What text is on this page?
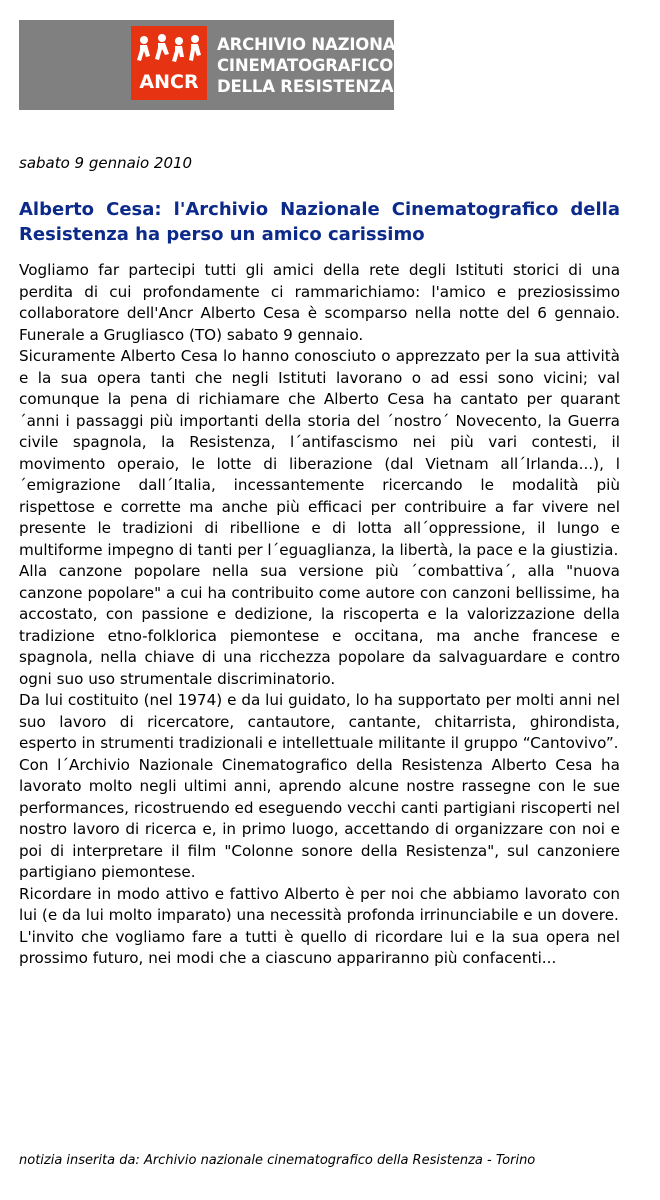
ANCR
ARCHIVIO NAZIONALE
CINEMATOGRAFICO
DELLA RESISTENZA
sabato 9 gennaio 2010
Alberto Cesa: l'Archivio Nazionale Cinematografico della Resistenza ha perso un amico carissimo

Vogliamo far partecipi tutti gli amici della rete degli Istituti storici di una perdita di cui profondamente ci rammarichiamo: l'amico e preziosissimo collaboratore dell'Ancr Alberto Cesa è scomparso nella notte del 6 gennaio. Funerale a Grugliasco (TO) sabato 9 gennaio.

Sicuramente Alberto Cesa lo hanno conosciuto o apprezzato per la sua attività e la sua opera tanti che negli Istituti lavorano o ad essi sono vicini; val comunque la pena di richiamare che Alberto Cesa ha cantato per quarant´anni i passaggi più importanti della storia del ´nostro´ Novecento, la Guerra civile spagnola, la Resistenza, l´antifascismo nei più vari contesti, il movimento operaio, le lotte di liberazione (dal Vietnam all´Irlanda...), l´emigrazione dall´Italia, incessantemente ricercando le modalità più rispettose e corrette ma anche più efficaci per contribuire a far vivere nel presente le tradizioni di ribellione e di lotta all´oppressione, il lungo e multiforme impegno di tanti per l´eguaglianza, la libertà, la pace e la giustizia.

Alla canzone popolare nella sua versione più ´combattiva´, alla "nuova canzone popolare" a cui ha contribuito come autore con canzoni bellissime, ha accostato, con passione e dedizione, la riscoperta e la valorizzazione della tradizione etno-folklorica piemontese e occitana, ma anche francese e spagnola, nella chiave di una ricchezza popolare da salvaguardare e contro ogni suo uso strumentale discriminatorio.

Da lui costituito (nel 1974) e da lui guidato, lo ha supportato per molti anni nel suo lavoro di ricercatore, cantautore, cantante, chitarrista, ghirondista, esperto in strumenti tradizionali e intellettuale militante il gruppo “Cantovivo”.

Con l´Archivio Nazionale Cinematografico della Resistenza Alberto Cesa ha lavorato molto negli ultimi anni, aprendo alcune nostre rassegne con le sue performances, ricostruendo ed eseguendo vecchi canti partigiani riscoperti nel nostro lavoro di ricerca e, in primo luogo, accettando di organizzare con noi e poi di interpretare il film "Colonne sonore della Resistenza", sul canzoniere partigiano piemontese.

Ricordare in modo attivo e fattivo Alberto è per noi che abbiamo lavorato con lui (e da lui molto imparato) una necessità profonda irrinunciabile e un dovere.

L'invito che vogliamo fare a tutti è quello di ricordare lui e la sua opera nel prossimo futuro, nei modi che a ciascuno appariranno più confacenti...

notizia inserita da: Archivio nazionale cinematografico della Resistenza - Torino
